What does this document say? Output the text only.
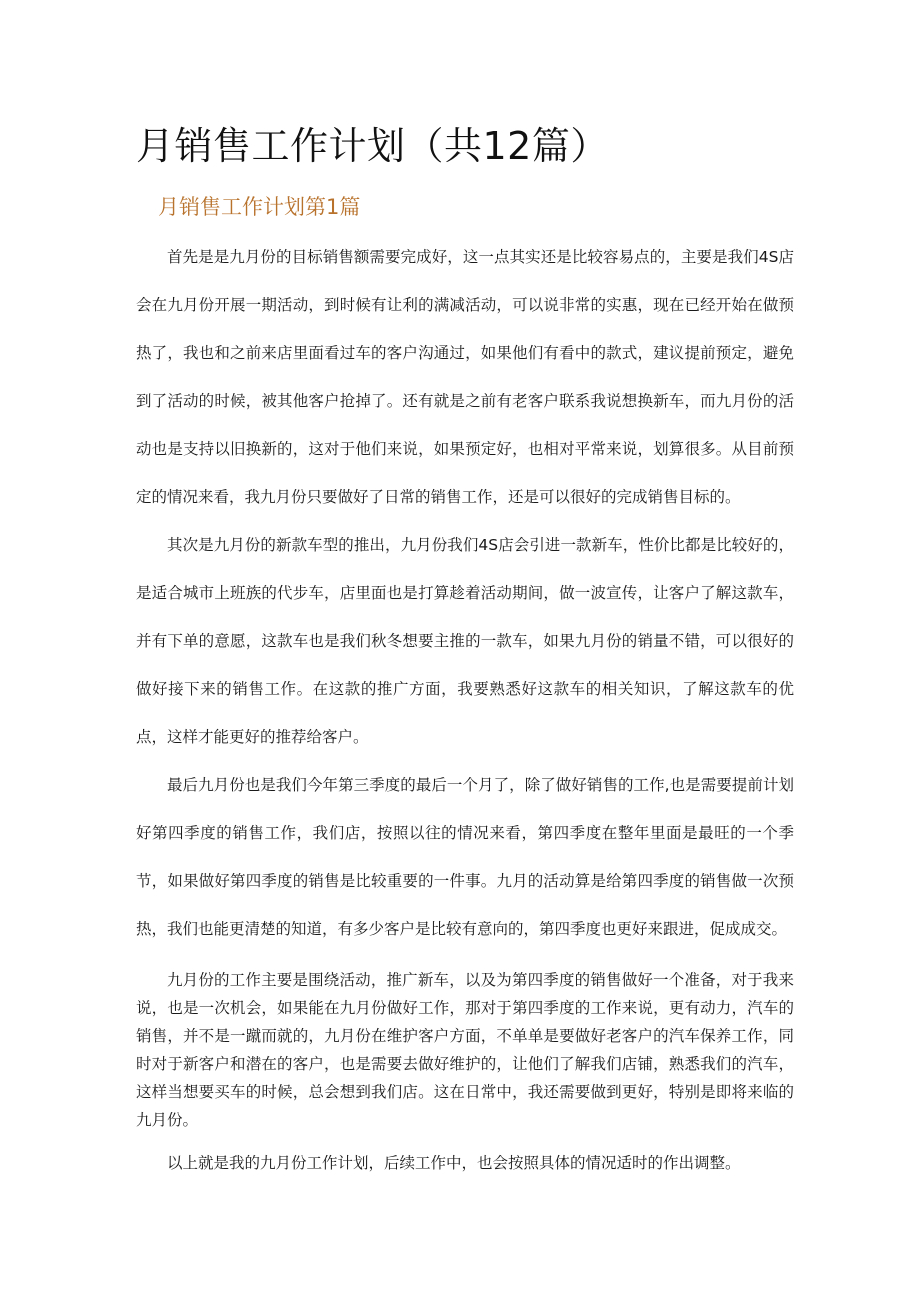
月销售工作计划（共12篇）
月销售工作计划第1篇

首先是是九月份的目标销售额需要完成好，这一点其实还是比较容易点的，主要是我们4S店会在九月份开展一期活动，到时候有让利的满减活动，可以说非常的实惠，现在已经开始在做预热了，我也和之前来店里面看过车的客户沟通过，如果他们有看中的款式，建议提前预定，避免到了活动的时候，被其他客户抢掉了。还有就是之前有老客户联系我说想换新车，而九月份的活动也是支持以旧换新的，这对于他们来说，如果预定好，也相对平常来说，划算很多。从目前预定的情况来看，我九月份只要做好了日常的销售工作，还是可以很好的完成销售目标的。

其次是九月份的新款车型的推出，九月份我们4S店会引进一款新车，性价比都是比较好的，是适合城市上班族的代步车，店里面也是打算趁着活动期间，做一波宣传，让客户了解这款车，并有下单的意愿，这款车也是我们秋冬想要主推的一款车，如果九月份的销量不错，可以很好的做好接下来的销售工作。在这款的推广方面，我要熟悉好这款车的相关知识，了解这款车的优点，这样才能更好的推荐给客户。

最后九月份也是我们今年第三季度的最后一个月了，除了做好销售的工作,也是需要提前计划好第四季度的销售工作，我们店，按照以往的情况来看，第四季度在整年里面是最旺的一个季节，如果做好第四季度的销售是比较重要的一件事。九月的活动算是给第四季度的销售做一次预热，我们也能更清楚的知道，有多少客户是比较有意向的，第四季度也更好来跟进，促成成交。

九月份的工作主要是围绕活动，推广新车，以及为第四季度的销售做好一个准备，对于我来说，也是一次机会，如果能在九月份做好工作，那对于第四季度的工作来说，更有动力，汽车的销售，并不是一蹴而就的，九月份在维护客户方面，不单单是要做好老客户的汽车保养工作，同时对于新客户和潜在的客户，也是需要去做好维护的，让他们了解我们店铺，熟悉我们的汽车，这样当想要买车的时候，总会想到我们店。这在日常中，我还需要做到更好，特别是即将来临的九月份。

以上就是我的九月份工作计划，后续工作中，也会按照具体的情况适时的作出调整。
